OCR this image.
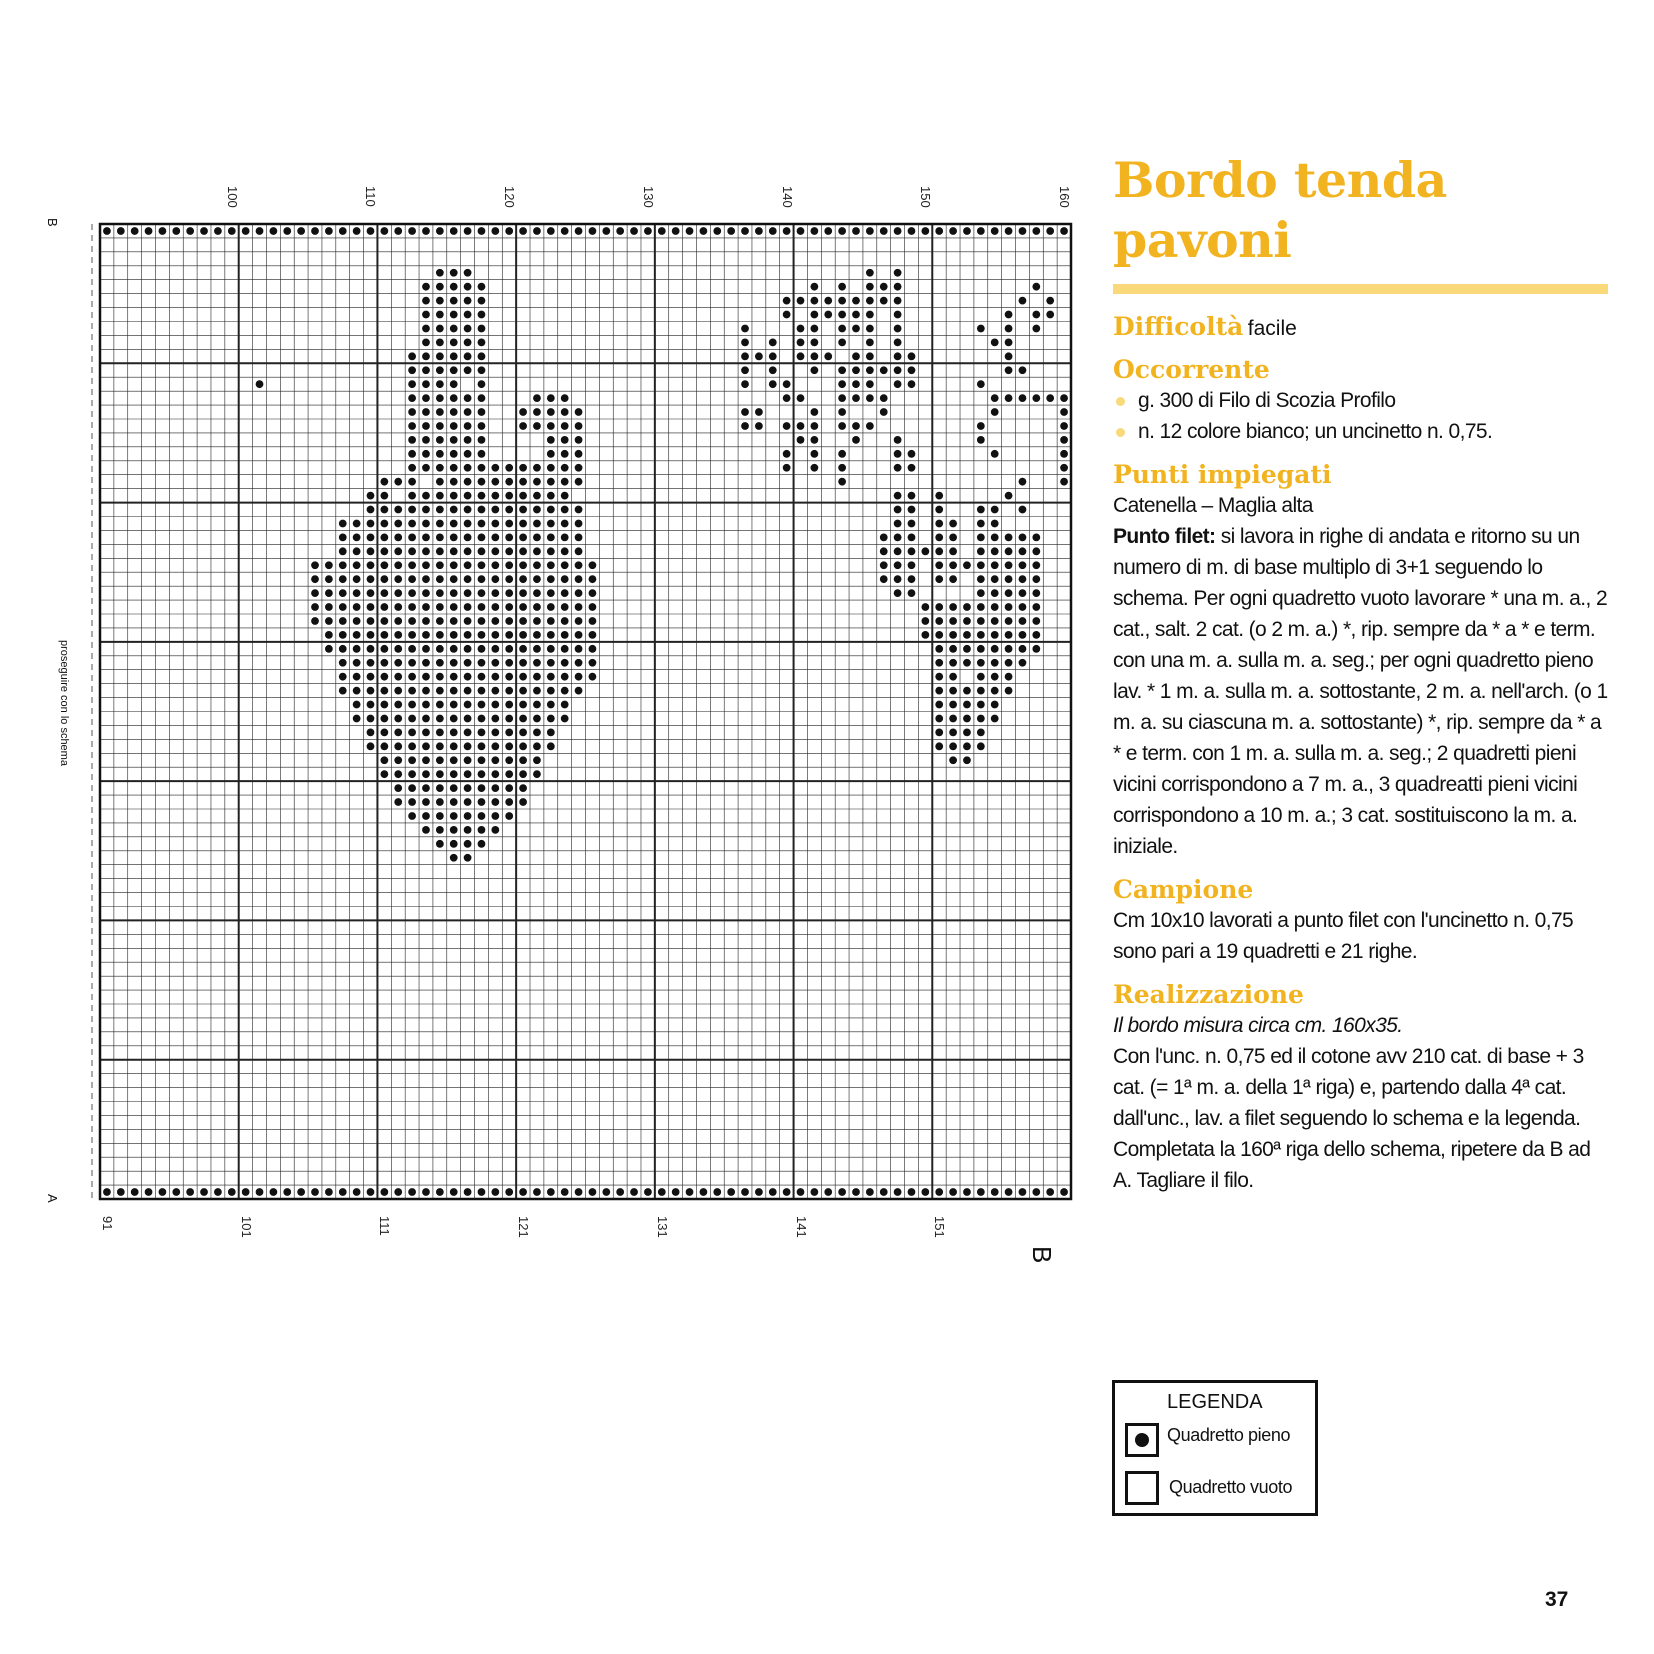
B
A
B
proseguire con lo schema
100	110	120	130	140	150	160
91	101	111	121	131	141	151
Bordo tenda pavoni
Difficoltà facile
Occorrente
g. 300 di Filo di Scozia Profilo
n. 12 colore bianco; un uncinetto n. 0,75.
Punti impiegati
Catenella – Maglia alta
Punto filet: si lavora in righe di andata e ritorno su un numero di m. di base multiplo di 3+1 seguendo lo schema. Per ogni quadretto vuoto lavorare * una m. a., 2 cat., salt. 2 cat. (o 2 m. a.) *, rip. sempre da * a * e term. con una m. a. sulla m. a. seg.; per ogni quadretto pieno lav. * 1 m. a. sulla m. a. sottostante, 2 m. a. nell'arch. (o 1 m. a. su ciascuna m. a. sottostante) *, rip. sempre da * a * e term. con 1 m. a. sulla m. a. seg.; 2 quadretti pieni vicini corrispondono a 7 m. a., 3 quadreatti pieni vicini corrispondono a 10 m. a.; 3 cat. sostituiscono la m. a. iniziale.
Campione
Cm 10x10 lavorati a punto filet con l'uncinetto n. 0,75 sono pari a 19 quadretti e 21 righe.
Realizzazione
Il bordo misura circa cm. 160x35.
Con l'unc. n. 0,75 ed il cotone avv 210 cat. di base + 3 cat. (= 1ª m. a. della 1ª riga) e, partendo dalla 4ª cat. dall'unc., lav. a filet seguendo lo schema e la legenda. Completata la 160ª riga dello schema, ripetere da B ad A. Tagliare il filo.
LEGENDA
Quadretto pieno
Quadretto vuoto
37
